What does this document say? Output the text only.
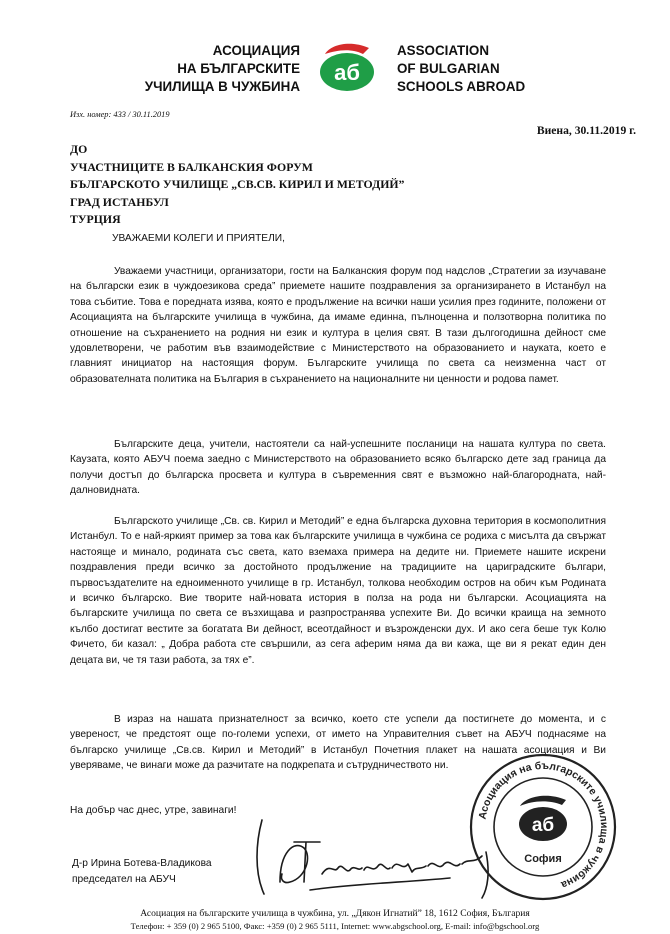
АСОЦИАЦИЯ
НА БЪЛГАРСКИТЕ
УЧИЛИЩА В ЧУЖБИНА
аб
ASSOCIATION
OF BULGARIAN
SCHOOLS ABROAD
Изх. номер: 433 / 30.11.2019
Виена, 30.11.2019 г.
ДО
УЧАСТНИЦИТЕ В БАЛКАНСКИЯ ФОРУМ
БЪЛГАРСКОТО УЧИЛИЩЕ „СВ.СВ. КИРИЛ И МЕТОДИЙ”
ГРАД ИСТАНБУЛ
ТУРЦИЯ
УВАЖАЕМИ КОЛЕГИ И ПРИЯТЕЛИ,
Уважаеми участници, организатори, гости на Балканския форум под надслов „Стратегии за изучаване на български език в чуждоезикова среда” приемете нашите поздравления за организирането в Истанбул на това събитие. Това е поредната изява, която е продължение на всички наши усилия през годините, положени от Асоциацията на българските училища в чужбина, да имаме единна, пълноценна и ползотворна политика по отношение на съхранението на родния ни език и култура в целия свят. В тази дългогодишна дейност сме удовлетворени, че работим във взаимодействие с Министерството на образованието и науката, което е главният инициатор на настоящия форум. Българските училища по света са неизменна част от образователната политика на България в съхранението на националните ни ценности и родова памет.
Българските деца, учители, настоятели са най-успешните посланици на нашата култура по света. Каузата, която АБУЧ поема заедно с Министерството на образованието всяко българско дете зад граница да получи достъп до българска просвета и култура в съвременния свят е възможно най-благородната, най-далновидната.
Българското училище „Св. св. Кирил и Методий” е една българска духовна територия в космополитния Истанбул. То е най-яркият пример за това как българските училища в чужбина се родиха с мисълта да свържат настояще и минало, родината със света, като вземаха примера на дедите ни. Приемете нашите искрени поздравления преди всичко за достойното продължение на традициите на цариградските българи, първосъздателите на едноименното училище в гр. Истанбул, толкова необходим остров на обич към Родината и всичко българско. Вие творите най-новата история в полза на рода ни български. Асоциацията на българските училища по света се възхищава и разпространява успехите Ви. До всички краища на земното кълбо достигат вестите за богатата Ви дейност, всеотдайност и възрожденски дух. И ако сега беше тук Колю Фичето, би казал: „ Добра работа сте свършили, аз сега аферим няма да ви кажа, ще ви я рекат един ден децата ви, че тя тази работа, за тях е”.
В израз на нашата признателност за всичко, което сте успели да постигнете до момента, и с увереност, че предстоят още по-големи успехи, от името на Управителния съвет на АБУЧ поднасяме на българско училище „Св.св. Кирил и Методий” в Истанбул Почетния плакет на нашата асоциация и Ви уверяваме, че винаги може да разчитате на подкрепата и сътрудничеството ни.
На добър час днес, утре, завинаги!
Д-р Ирина Ботева-Владикова
председател на АБУЧ
Асоциация на българските училища в чужбина
аб
София
Асоциация на българските училища в чужбина, ул. „Дякон Игнатий” 18, 1612 София, България
Телефон: + 359 (0) 2 965 5100, Факс: +359 (0) 2 965 5111, Internet: www.abgschool.org, E-mail: info@bgschool.org
